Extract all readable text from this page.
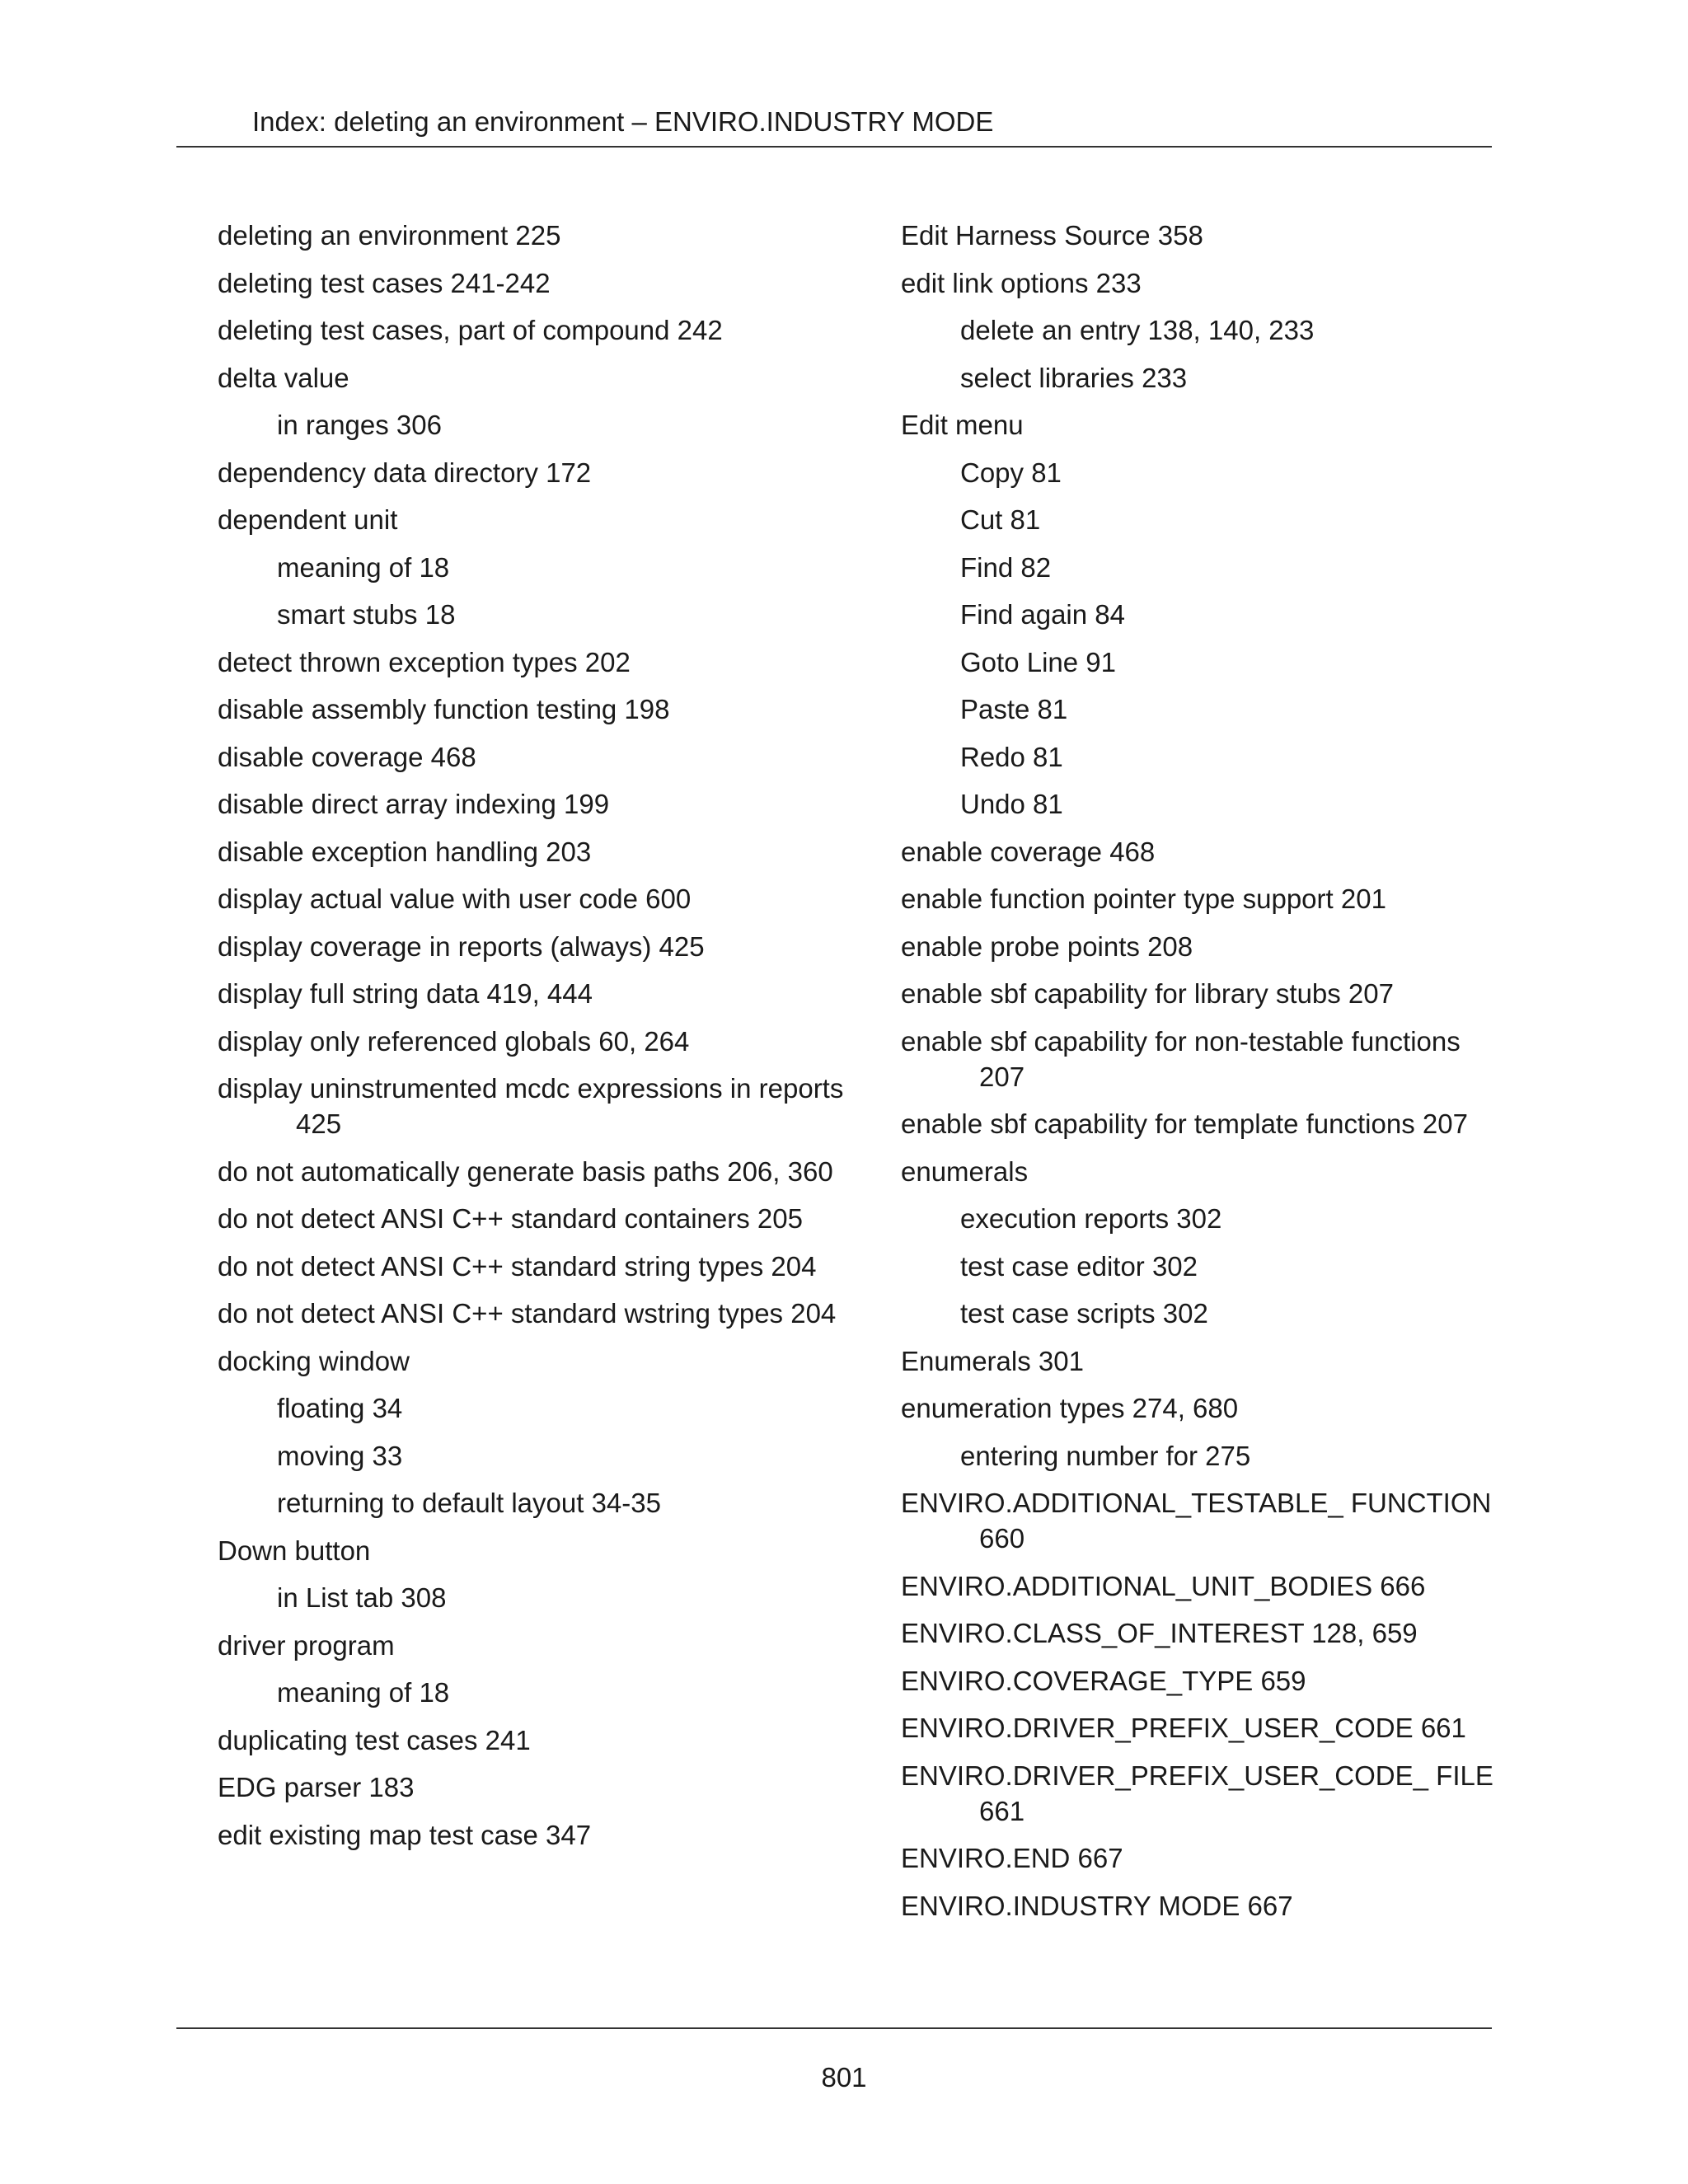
Index: deleting an environment – ENVIRO.INDUSTRY MODE
deleting an environment 225
deleting test cases 241-242
deleting test cases, part of compound 242
delta value
in ranges 306
dependency data directory 172
dependent unit
meaning of 18
smart stubs 18
detect thrown exception types 202
disable assembly function testing 198
disable coverage 468
disable direct array indexing 199
disable exception handling 203
display actual value with user code 600
display coverage in reports (always) 425
display full string data 419, 444
display only referenced globals 60, 264
display uninstrumented mcdc expressions in reports 425
do not automatically generate basis paths 206, 360
do not detect ANSI C++ standard containers 205
do not detect ANSI C++ standard string types 204
do not detect ANSI C++ standard wstring types 204
docking window
floating 34
moving 33
returning to default layout 34-35
Down button
in List tab 308
driver program
meaning of 18
duplicating test cases 241
EDG parser 183
edit existing map test case 347
Edit Harness Source 358
edit link options 233
delete an entry 138, 140, 233
select libraries 233
Edit menu
Copy 81
Cut 81
Find 82
Find again 84
Goto Line 91
Paste 81
Redo 81
Undo 81
enable coverage 468
enable function pointer type support 201
enable probe points 208
enable sbf capability for library stubs 207
enable sbf capability for non-testable functions 207
enable sbf capability for template functions 207
enumerals
execution reports 302
test case editor 302
test case scripts 302
Enumerals 301
enumeration types 274, 680
entering number for 275
ENVIRO.ADDITIONAL_TESTABLE_ FUNCTION 660
ENVIRO.ADDITIONAL_UNIT_BODIES 666
ENVIRO.CLASS_OF_INTEREST 128, 659
ENVIRO.COVERAGE_TYPE 659
ENVIRO.DRIVER_PREFIX_USER_CODE 661
ENVIRO.DRIVER_PREFIX_USER_CODE_ FILE 661
ENVIRO.END 667
ENVIRO.INDUSTRY MODE 667
801
